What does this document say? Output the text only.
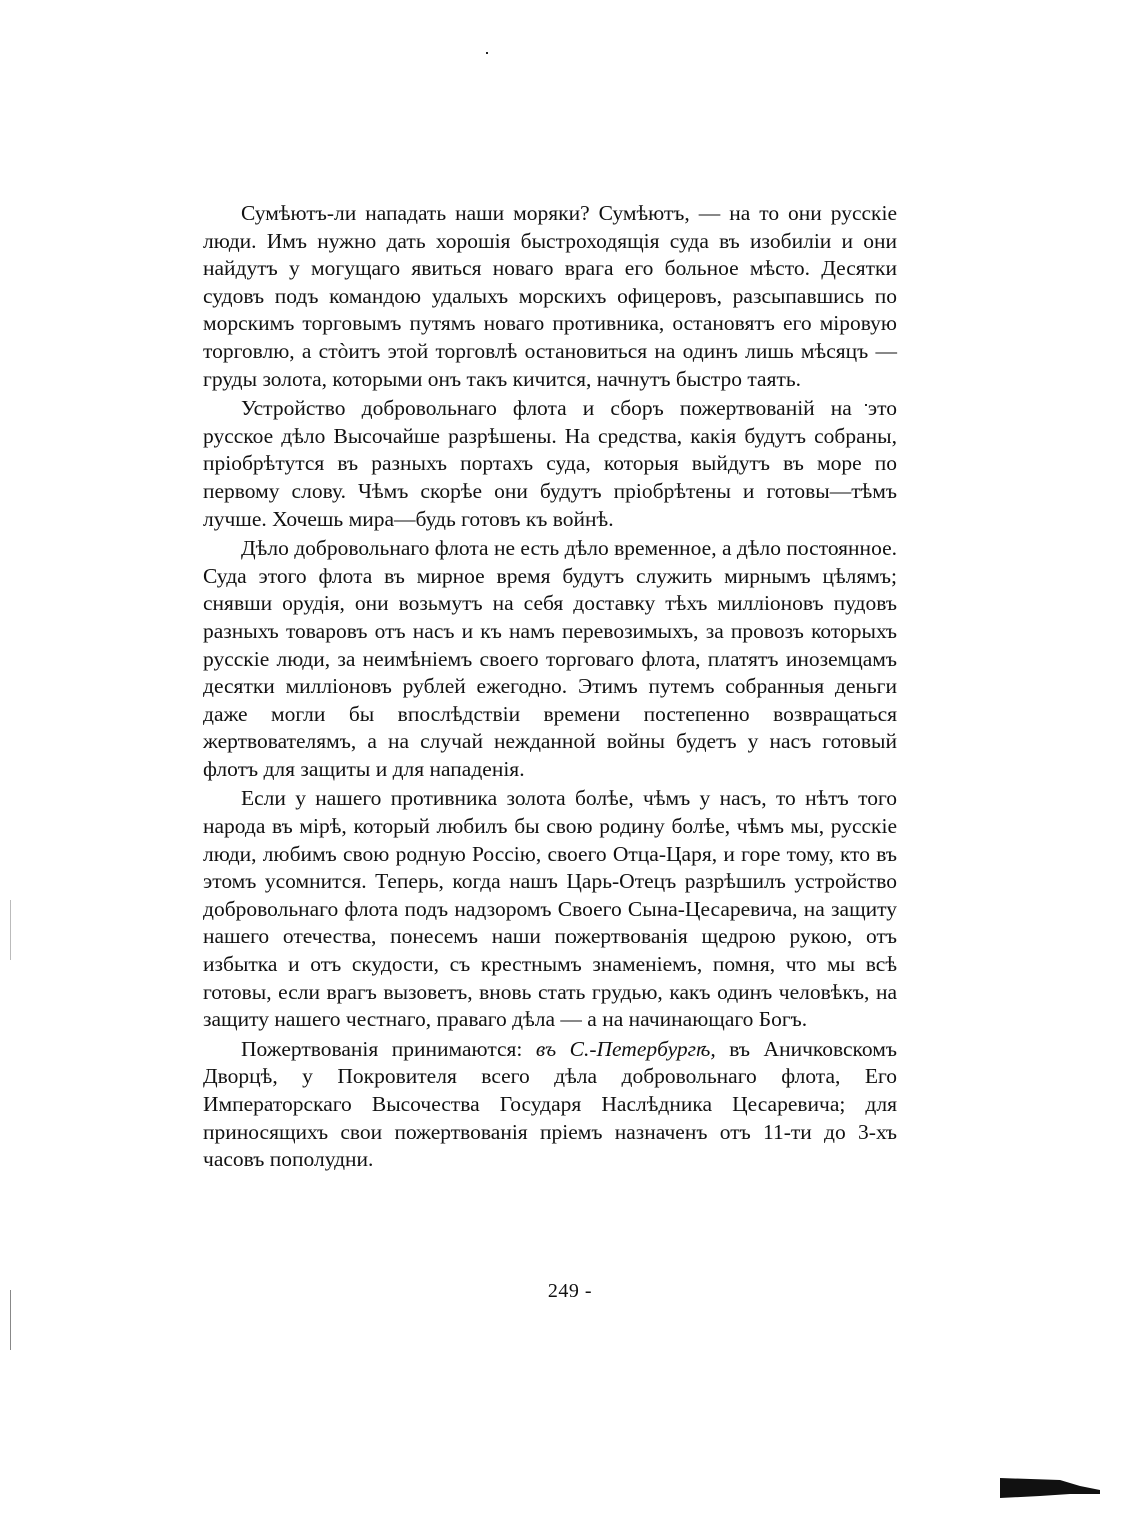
Сумѣютъ-ли нападать наши моряки? Сумѣютъ, — на то они русскіе люди. Имъ нужно дать хорошія быстроходящія суда въ изобиліи и они найдутъ у могущаго явиться новаго врага его больное мѣсто. Десятки судовъ подъ командою удалыхъ морскихъ офицеровъ, разсыпавшись по морскимъ торговымъ путямъ новаго противника, остановятъ его міровую торговлю, а стòитъ этой торговлѣ остановиться на одинъ лишь мѣсяцъ — груды золота, которыми онъ такъ кичится, начнутъ быстро таять.

Устройство добровольнаго флота и сборъ пожертвованій на это русское дѣло Высочайше разрѣшены. На средства, какія будутъ собраны, пріобрѣтутся въ разныхъ портахъ суда, которыя выйдутъ въ море по первому слову. Чѣмъ скорѣе они будутъ пріобрѣтены и готовы—тѣмъ лучше. Хочешь мира—будь готовъ къ войнѣ.

Дѣло добровольнаго флота не есть дѣло временное, а дѣло постоянное. Суда этого флота въ мирное время будутъ служить мирнымъ цѣлямъ; снявши орудія, они возьмутъ на себя доставку тѣхъ милліоновъ пудовъ разныхъ товаровъ отъ насъ и къ намъ перевозимыхъ, за провозъ которыхъ русскіе люди, за неимѣніемъ своего торговаго флота, платятъ иноземцамъ десятки милліоновъ рублей ежегодно. Этимъ путемъ собранныя деньги даже могли бы впослѣдствіи времени постепенно возвращаться жертвователямъ, а на случай нежданной войны будетъ у насъ готовый флотъ для защиты и для нападенія.

Если у нашего противника золота болѣе, чѣмъ у насъ, то нѣтъ того народа въ мірѣ, который любилъ бы свою родину болѣе, чѣмъ мы, русскіе люди, любимъ свою родную Россію, своего Отца-Царя, и горе тому, кто въ этомъ усомнится. Теперь, когда нашъ Царь-Отецъ разрѣшилъ устройство добровольнаго флота подъ надзоромъ Своего Сына-Цесаревича, на защиту нашего отечества, понесемъ наши пожертвованія щедрою рукою, отъ избытка и отъ скудости, съ крестнымъ знаменіемъ, помня, что мы всѣ готовы, если врагъ вызоветъ, вновь стать грудью, какъ одинъ человѣкъ, на защиту нашего честнаго, праваго дѣла — а на начинающаго Богъ.

Пожертвованія принимаются: въ С.-Петербургѣ, въ Аничковскомъ Дворцѣ, у Покровителя всего дѣла добровольнаго флота, Его Императорскаго Высочества Государя Наслѣдника Цесаревича; для приносящихъ свои пожертвованія пріемъ назначенъ отъ 11-ти до 3-хъ часовъ пополудни.

249 -
